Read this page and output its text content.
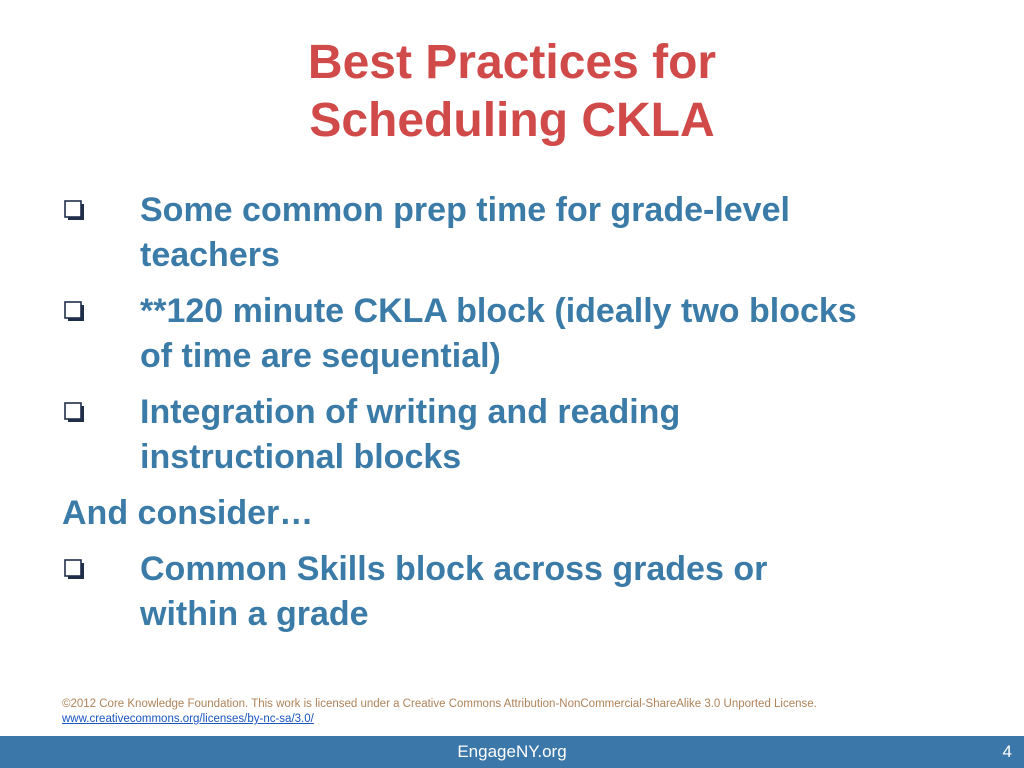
Best Practices for
Scheduling CKLA
Some common prep time for grade-level
teachers
**120 minute CKLA block (ideally two blocks
of time are sequential)
Integration of writing and reading
instructional blocks
And consider…
Common Skills block across grades or
within a grade
©2012 Core Knowledge Foundation. This work is licensed under a Creative Commons Attribution-NonCommercial-ShareAlike 3.0 Unported License.
www.creativecommons.org/licenses/by-nc-sa/3.0/
EngageNY.org	4
